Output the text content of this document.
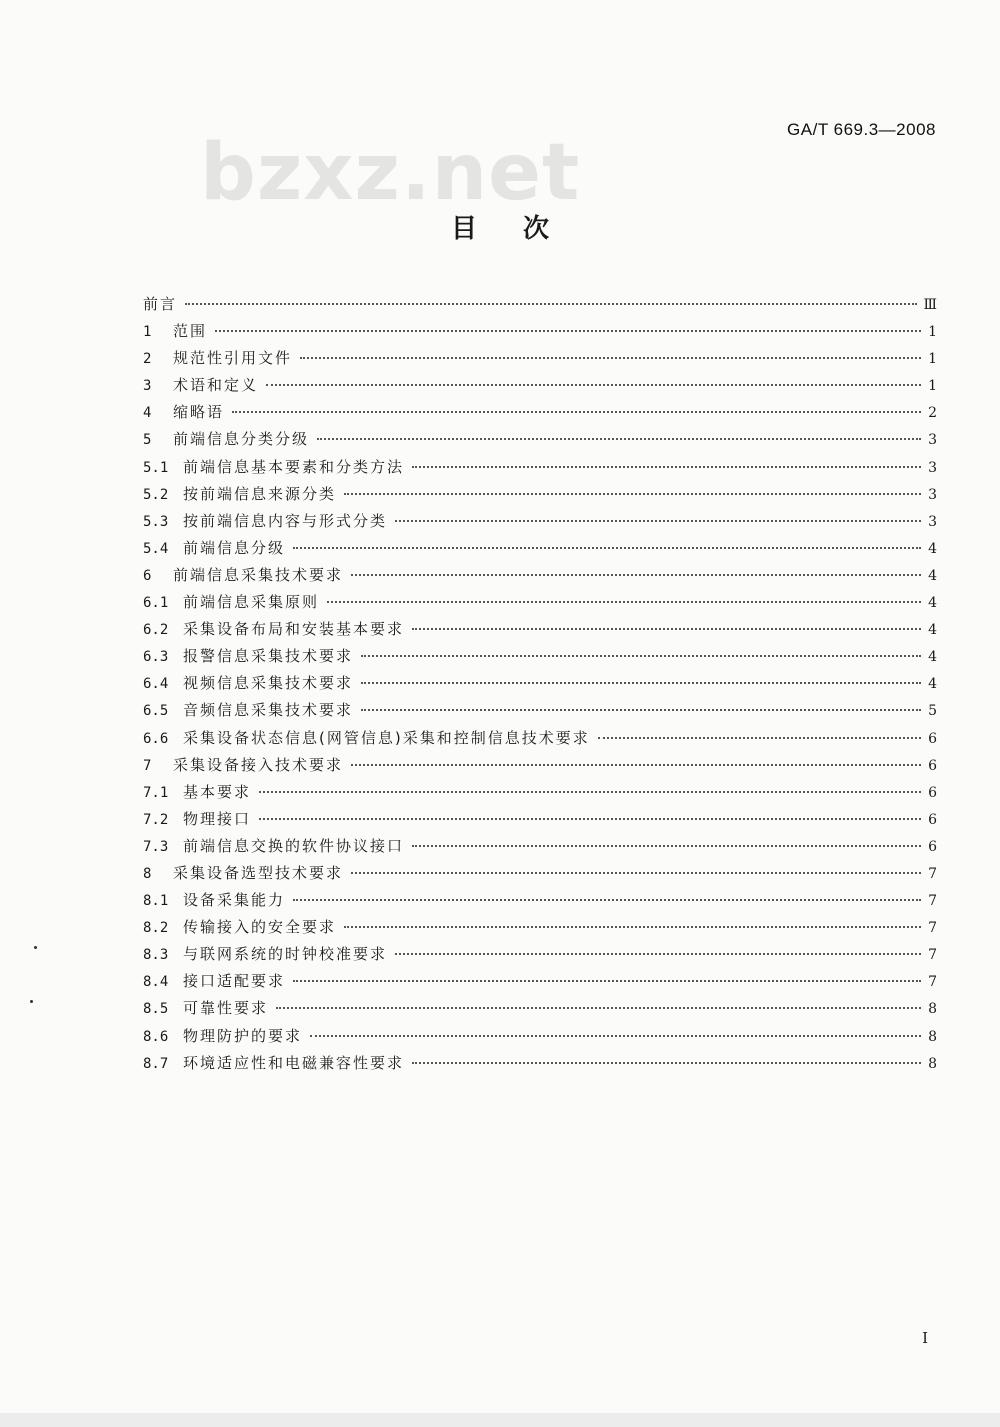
bzxz.net	GA/T 669.3—2008
目次
前言	Ⅲ
1	范围	1
2	规范性引用文件	1
3	术语和定义	1
4	缩略语	2
5	前端信息分类分级	3
5.1 前端信息基本要素和分类方法	3
5.2 按前端信息来源分类	3
5.3 按前端信息内容与形式分类	3
5.4 前端信息分级	4
6	前端信息采集技术要求	4
6.1 前端信息采集原则	4
6.2 采集设备布局和安装基本要求	4
6.3 报警信息采集技术要求	4
6.4 视频信息采集技术要求	4
6.5 音频信息采集技术要求	5
6.6 采集设备状态信息(网管信息)采集和控制信息技术要求	6
7	采集设备接入技术要求	6
7.1 基本要求	6
7.2 物理接口	6
7.3 前端信息交换的软件协议接口	6
8	采集设备选型技术要求	7
8.1 设备采集能力	7
8.2 传输接入的安全要求	7
8.3 与联网系统的时钟校准要求	7
8.4 接口适配要求	7
8.5 可靠性要求	8
8.6 物理防护的要求	8
8.7 环境适应性和电磁兼容性要求	8
I
